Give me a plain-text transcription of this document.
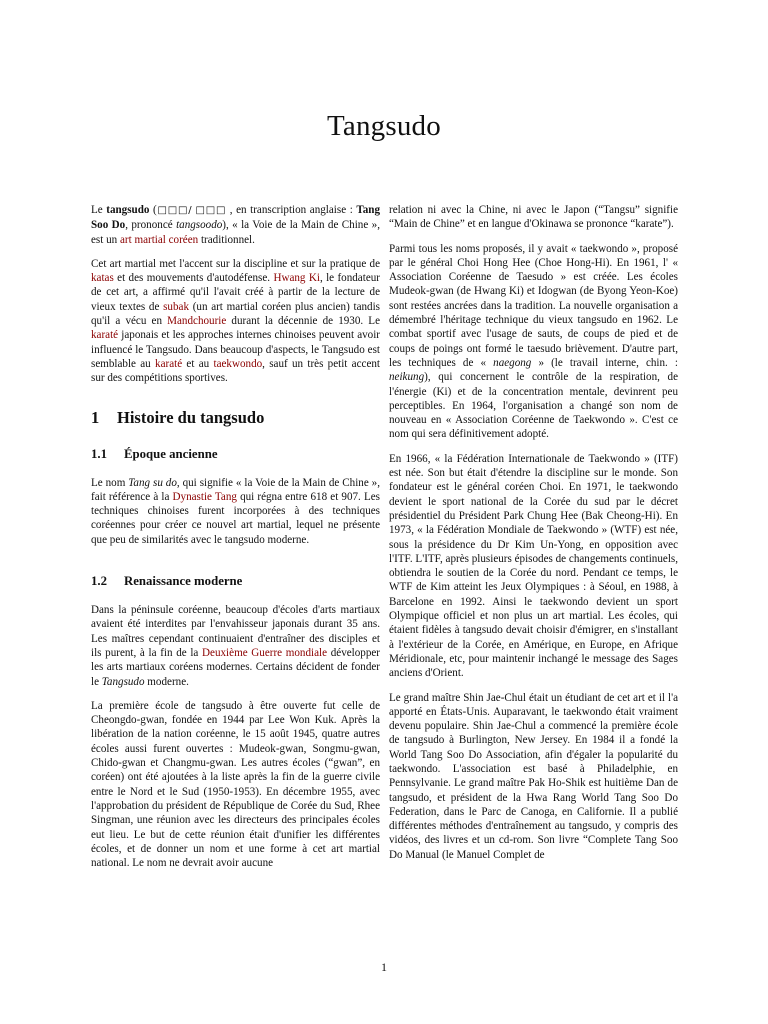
Tangsudo

Le tangsudo (□□□/ □□□ , en transcription anglaise : Tang Soo Do, prononcé tangsoodo), « la Voie de la Main de Chine », est un art martial coréen traditionnel.

Cet art martial met l'accent sur la discipline et sur la pratique de katas et des mouvements d'autodéfense. Hwang Ki, le fondateur de cet art, a affirmé qu'il l'avait créé à partir de la lecture de vieux textes de subak (un art martial coréen plus ancien) tandis qu'il a vécu en Mandchourie durant la décennie de 1930. Le karaté japonais et les approches internes chinoises peuvent avoir influencé le Tangsudo. Dans beaucoup d'aspects, le Tangsudo est semblable au karaté et au taekwondo, sauf un très petit accent sur des compétitions sportives.

1 Histoire du tangsudo
1.1 Époque ancienne

Le nom Tang su do, qui signifie « la Voie de la Main de Chine », fait référence à la Dynastie Tang qui régna entre 618 et 907. Les techniques chinoises furent incorporées à des techniques coréennes pour créer ce nouvel art martial, lequel ne présente que peu de similarités avec le tangsudo moderne.

1.2 Renaissance moderne

Dans la péninsule coréenne, beaucoup d'écoles d'arts martiaux avaient été interdites par l'envahisseur japonais durant 35 ans. Les maîtres cependant continuaient d'entraîner des disciples et ils purent, à la fin de la Deuxième Guerre mondiale développer les arts martiaux coréens modernes. Certains décident de fonder le Tangsudo moderne.

La première école de tangsudo à être ouverte fut celle de Cheongdo-gwan, fondée en 1944 par Lee Won Kuk. Après la libération de la nation coréenne, le 15 août 1945, quatre autres écoles aussi furent ouvertes : Mudeok-gwan, Songmu-gwan, Chido-gwan et Changmu-gwan. Les autres écoles (“gwan”, en coréen) ont été ajoutées à la liste après la fin de la guerre civile entre le Nord et le Sud (1950-1953). En décembre 1955, avec l'approbation du président de République de Corée du Sud, Rhee Singman, une réunion avec les directeurs des principales écoles eut lieu. Le but de cette réunion était d'unifier les différentes écoles, et de donner un nom et une forme à cet art martial national. Le nom ne devrait avoir aucune

relation ni avec la Chine, ni avec le Japon (“Tangsu” signifie “Main de Chine” et en langue d'Okinawa se prononce “karate”).

Parmi tous les noms proposés, il y avait « taekwondo », proposé par le général Choi Hong Hee (Choe Hong-Hi). En 1961, l' « Association Coréenne de Taesudo » est créée. Les écoles Mudeok-gwan (de Hwang Ki) et Idogwan (de Byong Yeon-Koe) sont restées ancrées dans la tradition. La nouvelle organisation a démembré l'héritage technique du vieux tangsudo en 1962. Le combat sportif avec l'usage de sauts, de coups de pied et de coups de poings ont formé le taesudo brièvement. D'autre part, les techniques de « naegong » (le travail interne, chin. : neikung), qui concernent le contrôle de la respiration, de l'énergie (Ki) et de la concentration mentale, devinrent peu perceptibles. En 1964, l'organisation a changé son nom de nouveau en « Association Coréenne de Taekwondo ». C'est ce nom qui sera définitivement adopté.

En 1966, « la Fédération Internationale de Taekwondo » (ITF) est née. Son but était d'étendre la discipline sur le monde. Son fondateur est le général coréen Choi. En 1971, le taekwondo devient le sport national de la Corée du sud par le décret présidentiel du Président Park Chung Hee (Bak Cheong-Hi). En 1973, « la Fédération Mondiale de Taekwondo » (WTF) est née, sous la présidence du Dr Kim Un-Yong, en opposition avec l'ITF. L'ITF, après plusieurs épisodes de changements continuels, obtiendra le soutien de la Corée du nord. Pendant ce temps, le WTF de Kim atteint les Jeux Olympiques : à Séoul, en 1988, à Barcelone en 1992. Ainsi le taekwondo devient un sport Olympique officiel et non plus un art martial. Les écoles, qui étaient fidèles à tangsudo devait choisir d'émigrer, en s'installant à l'extérieur de la Corée, en Amérique, en Europe, en Afrique Méridionale, etc, pour maintenir inchangé le message des Sages anciens d'Orient.

Le grand maître Shin Jae-Chul était un étudiant de cet art et il l'a apporté en États-Unis. Auparavant, le taekwondo était vraiment devenu populaire. Shin Jae-Chul a commencé la première école de tangsudo à Burlington, New Jersey. En 1984 il a fondé la World Tang Soo Do Association, afin d'égaler la popularité du taekwondo. L'association est basé à Philadelphie, en Pennsylvanie. Le grand maître Pak Ho-Shik est huitième Dan de tangsudo, et président de la Hwa Rang World Tang Soo Do Federation, dans le Parc de Canoga, en Californie. Il a publié différentes méthodes d'entraînement au tangsudo, y compris des vidéos, des livres et un cd-rom. Son livre “Complete Tang Soo Do Manual (le Manuel Complet de

1
